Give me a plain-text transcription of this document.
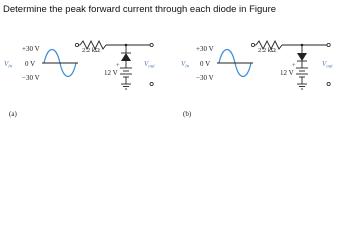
Determine the peak forward current through each diode in Figure

+30 V
$V_{in}$ 0 V
−30 V
2.2 kΩ
+
12 V
$V_{out}$
(a)
+30 V
$V_{in}$ 0 V
−30 V
2.2 kΩ
+
12 V
$V_{out}$
(b)
